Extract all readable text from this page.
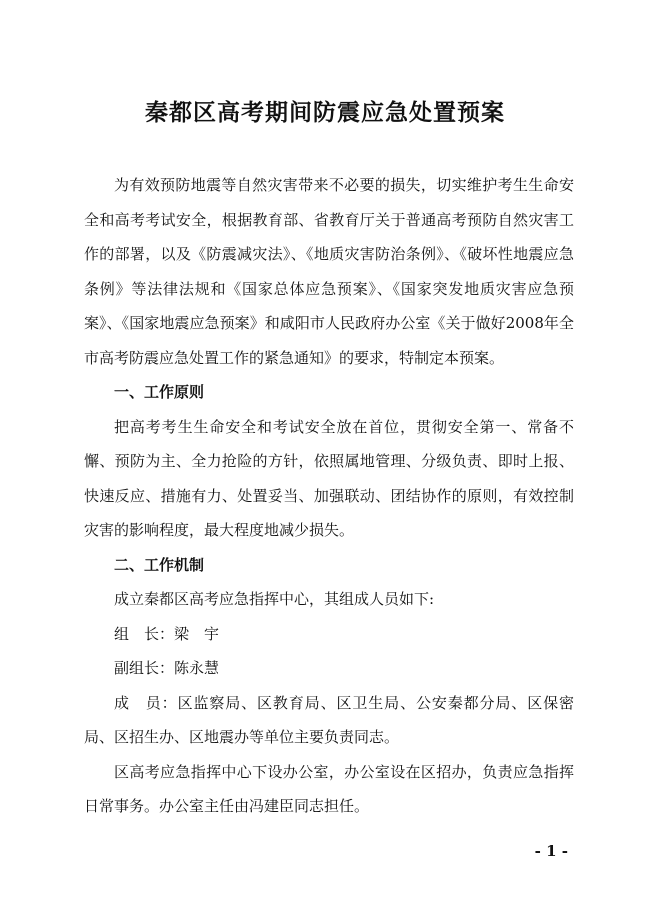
秦都区高考期间防震应急处置预案

为有效预防地震等自然灾害带来不必要的损失，切实维护考生生命安全和高考考试安全，根据教育部、省教育厅关于普通高考预防自然灾害工作的部署，以及《防震减灾法》、《地质灾害防治条例》、《破坏性地震应急条例》等法律法规和《国家总体应急预案》、《国家突发地质灾害应急预案》、《国家地震应急预案》和咸阳市人民政府办公室《关于做好2008年全市高考防震应急处置工作的紧急通知》的要求，特制定本预案。

一、工作原则

把高考考生生命安全和考试安全放在首位，贯彻安全第一、常备不懈、预防为主、全力抢险的方针，依照属地管理、分级负责、即时上报、快速反应、措施有力、处置妥当、加强联动、团结协作的原则，有效控制灾害的影响程度，最大程度地减少损失。

二、工作机制

成立秦都区高考应急指挥中心，其组成人员如下:

组　长：梁　宇

副组长：陈永慧

成　员：区监察局、区教育局、区卫生局、公安秦都分局、区保密局、区招生办、区地震办等单位主要负责同志。

区高考应急指挥中心下设办公室，办公室设在区招办，负责应急指挥日常事务。办公室主任由冯建臣同志担任。

- 1 -
